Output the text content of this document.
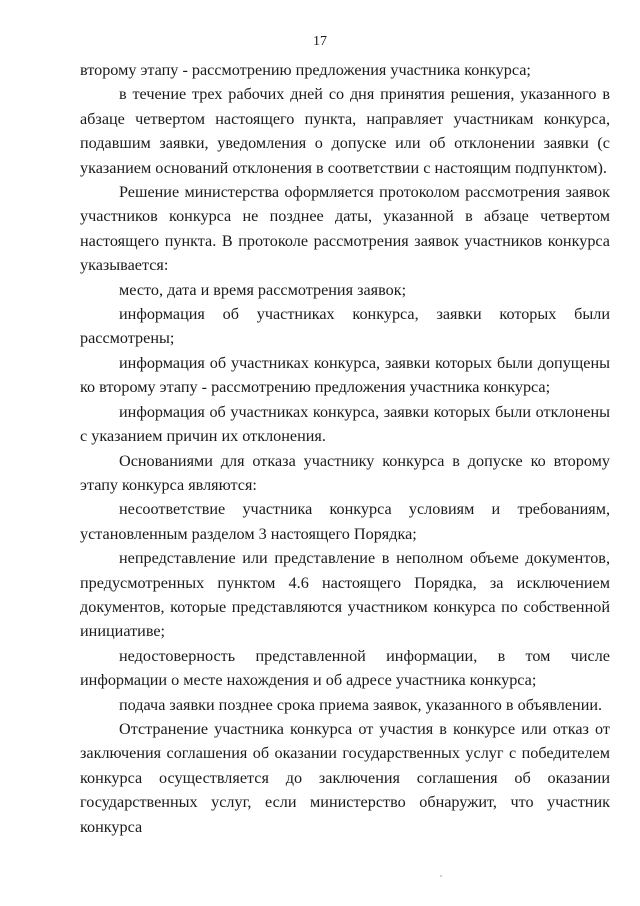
17

второму этапу - рассмотрению предложения участника конкурса;

в течение трех рабочих дней со дня принятия решения, указанного в абзаце четвертом настоящего пункта, направляет участникам конкурса, подавшим заявки, уведомления о допуске или об отклонении заявки (с указанием оснований отклонения в соответствии с настоящим подпунктом).

Решение министерства оформляется протоколом рассмотрения заявок участников конкурса не позднее даты, указанной в абзаце четвертом настоящего пункта. В протоколе рассмотрения заявок участников конкурса указывается:

место, дата и время рассмотрения заявок;

информация об участниках конкурса, заявки которых были рассмотрены;

информация об участниках конкурса, заявки которых были допущены ко второму этапу - рассмотрению предложения участника конкурса;

информация об участниках конкурса, заявки которых были отклонены с указанием причин их отклонения.

Основаниями для отказа участнику конкурса в допуске ко второму этапу конкурса являются:

несоответствие участника конкурса условиям и требованиям, установленным разделом 3 настоящего Порядка;

непредставление или представление в неполном объеме документов, предусмотренных пунктом 4.6 настоящего Порядка, за исключением документов, которые представляются участником конкурса по собственной инициативе;

недостоверность представленной информации, в том числе информации о месте нахождения и об адресе участника конкурса;

подача заявки позднее срока приема заявок, указанного в объявлении.

Отстранение участника конкурса от участия в конкурсе или отказ от заключения соглашения об оказании государственных услуг с победителем конкурса осуществляется до заключения соглашения об оказании государственных услуг, если министерство обнаружит, что участник конкурса
